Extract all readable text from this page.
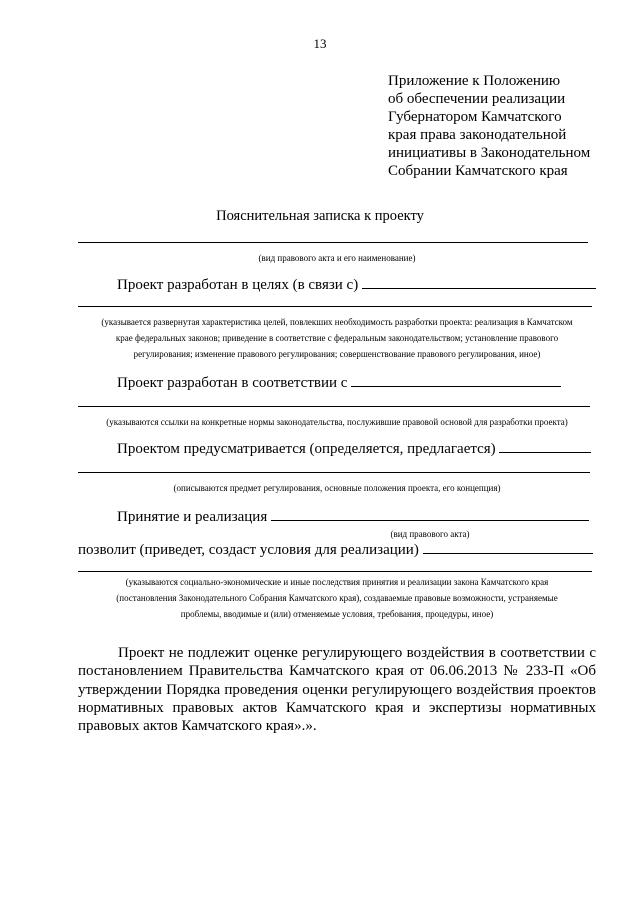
13
Приложение к Положению
об обеспечении реализации
Губернатором Камчатского
края права законодательной
инициативы в Законодательном
Собрании Камчатского края
Пояснительная записка к проекту
(вид правового акта и его наименование)
Проект разработан в целях (в связи с)
(указывается развернутая характеристика целей, повлекших необходимость разработки проекта: реализация в Камчатском
крае федеральных законов; приведение в соответствие с федеральным законодательством; установление правового
регулирования; изменение правового регулирования; совершенствование правового регулирования, иное)
Проект разработан в соответствии с
(указываются ссылки на конкретные нормы законодательства, послужившие правовой основой для разработки проекта)
Проектом предусматривается (определяется, предлагается)
(описываются предмет регулирования, основные положения проекта, его концепция)
Принятие и реализация
(вид правового акта)
позволит (приведет, создаст условия для реализации)
(указываются социально-экономические и иные последствия принятия и реализации закона Камчатского края
(постановления Законодательного Собрания Камчатского края), создаваемые правовые возможности, устраняемые
проблемы, вводимые и (или) отменяемые условия, требования, процедуры, иное)
Проект не подлежит оценке регулирующего воздействия в соответствии с постановлением Правительства Камчатского края от 06.06.2013 № 233-П «Об утверждении Порядка проведения оценки регулирующего воздействия проектов нормативных правовых актов Камчатского края и экспертизы нормативных правовых актов Камчатского края».».
